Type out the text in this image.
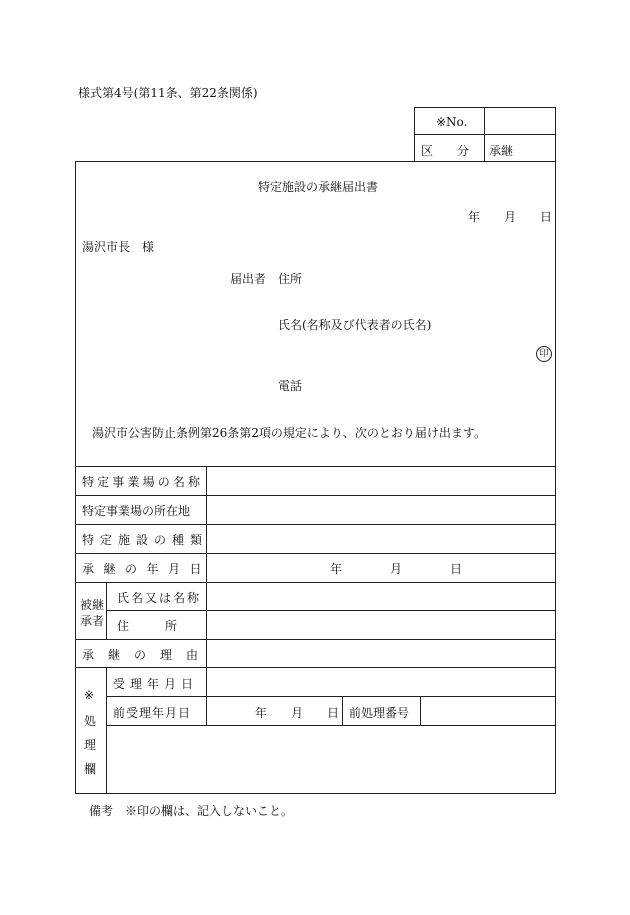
様式第4号(第11条、第22条関係)
※No.
区　　分 承継
特定施設の承継届出書
年　　月　　日
湯沢市長　様
届出者 住所
氏名(名称及び代表者の氏名)
印
電話
湯沢市公害防止条例第26条第2項の規定により、次のとおり届け出ます。
特 定 事 業 場 の 名 称
特定事業場の所在地
特定施設の種類
承継の年月日	年　　　　月　　　　日
被継
承者
氏名又は名称
住　　　所
承継の理由
※
処
理
欄
受理年月日
前受理年月日	年　　月　　日 前処理番号
備考　※印の欄は、記入しないこと。
